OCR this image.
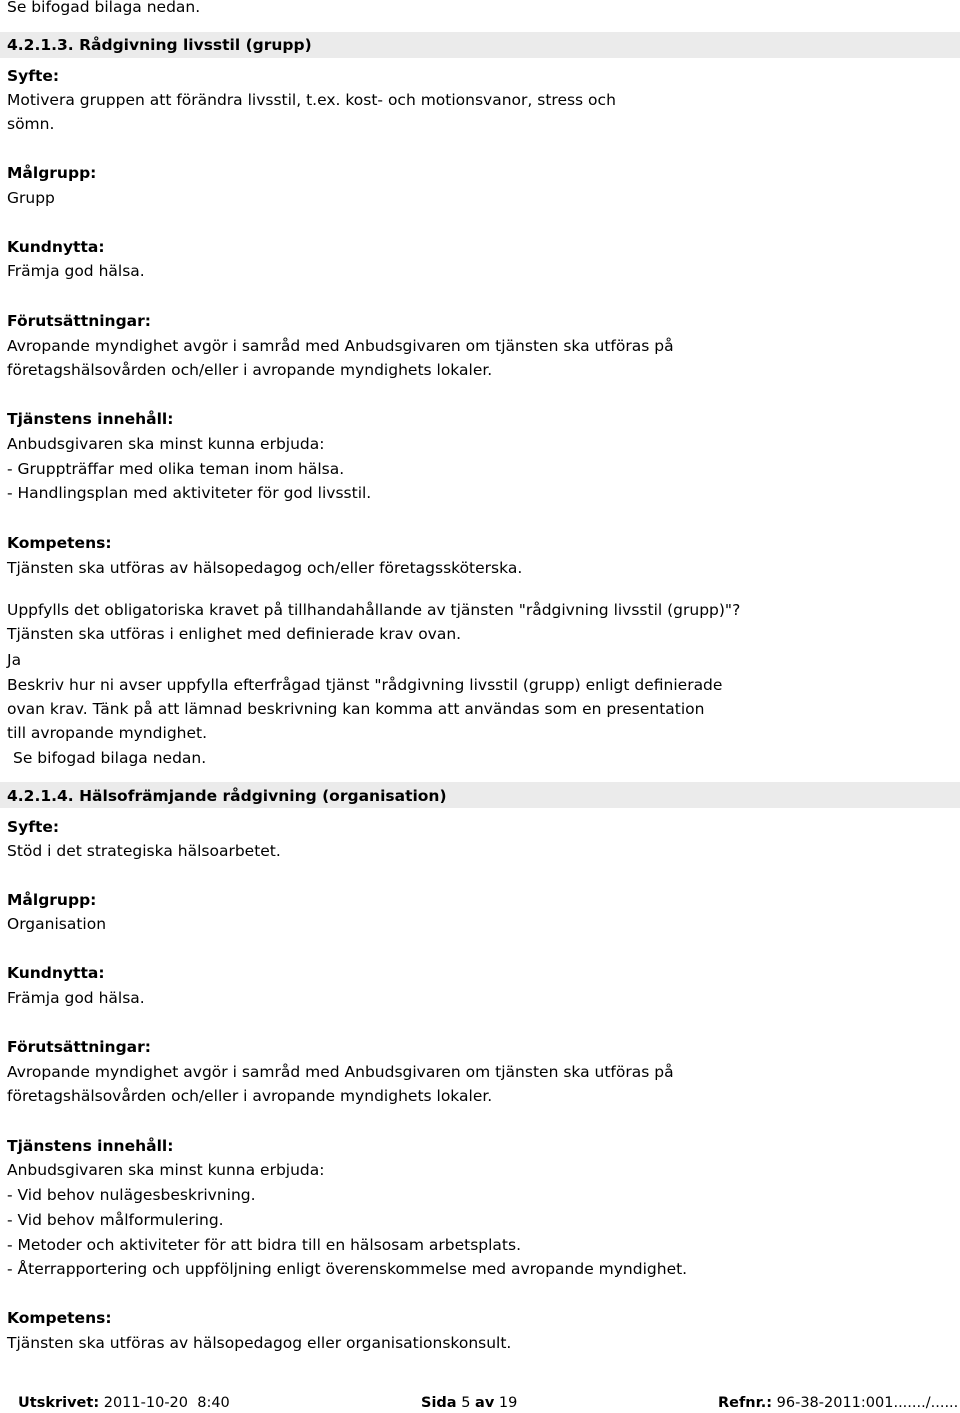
Se bifogad bilaga nedan.
4.2.1.3. Rådgivning livsstil (grupp)
Syfte:
Motivera gruppen att förändra livsstil, t.ex. kost- och motionsvanor, stress och
sömn.
Målgrupp:
Grupp
Kundnytta:
Främja god hälsa.
Förutsättningar:
Avropande myndighet avgör i samråd med Anbudsgivaren om tjänsten ska utföras på
företagshälsovården och/eller i avropande myndighets lokaler.
Tjänstens innehåll:
Anbudsgivaren ska minst kunna erbjuda:
- Gruppträffar med olika teman inom hälsa.
- Handlingsplan med aktiviteter för god livsstil.
Kompetens:
Tjänsten ska utföras av hälsopedagog och/eller företagssköterska.
Uppfylls det obligatoriska kravet på tillhandahållande av tjänsten "rådgivning livsstil (grupp)"?
Tjänsten ska utföras i enlighet med definierade krav ovan.
Ja
Beskriv hur ni avser uppfylla efterfrågad tjänst "rådgivning livsstil (grupp) enligt definierade
ovan krav. Tänk på att lämnad beskrivning kan komma att användas som en presentation
till avropande myndighet.
Se bifogad bilaga nedan.
4.2.1.4. Hälsofrämjande rådgivning (organisation)
Syfte:
Stöd i det strategiska hälsoarbetet.
Målgrupp:
Organisation
Kundnytta:
Främja god hälsa.
Förutsättningar:
Avropande myndighet avgör i samråd med Anbudsgivaren om tjänsten ska utföras på
företagshälsovården och/eller i avropande myndighets lokaler.
Tjänstens innehåll:
Anbudsgivaren ska minst kunna erbjuda:
- Vid behov nulägesbeskrivning.
- Vid behov målformulering.
- Metoder och aktiviteter för att bidra till en hälsosam arbetsplats.
- Återrapportering och uppföljning enligt överenskommelse med avropande myndighet.
Kompetens:
Tjänsten ska utföras av hälsopedagog eller organisationskonsult.
Utskrivet: 2011-10-20  8:40	Sida 5 av 19	Refnr.: 96-38-2011:001......./......
